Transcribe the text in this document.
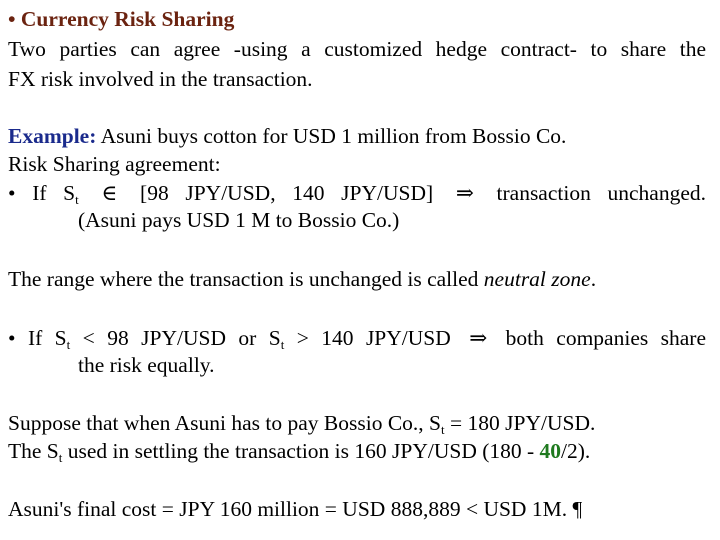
• Currency Risk Sharing
Two parties can agree -using a customized hedge contract- to share the
FX risk involved in the transaction.
Example: Asuni buys cotton for USD 1 million from Bossio Co.
Risk Sharing agreement:
• If $S_t$ ∈ [98 JPY/USD, 140 JPY/USD] ⇒ transaction unchanged.
(Asuni pays USD 1 M to Bossio Co.)
The range where the transaction is unchanged is called neutral zone.
• If $S_t < 98$ JPY/USD or $S_t > 140$ JPY/USD ⇒ both companies share
the risk equally.
Suppose that when Asuni has to pay Bossio Co., $S_t = 180$ JPY/USD.
The $S_t$ used in settling the transaction is 160 JPY/USD (180 - 40/2).
Asuni's final cost = JPY 160 million = USD 888,889 < USD 1M. ¶
